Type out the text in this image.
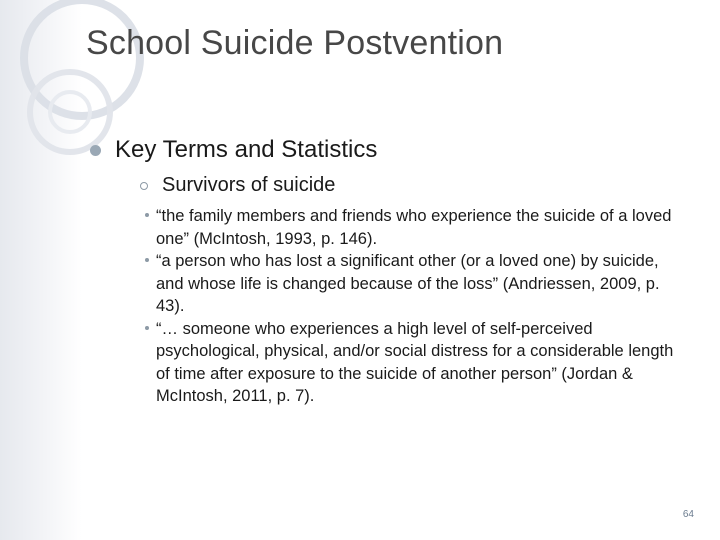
School Suicide Postvention
Key Terms and Statistics
Survivors of suicide
“the family members and friends who experience the suicide of a loved one” (McIntosh, 1993, p. 146).
“a person who has lost a significant other (or a loved one) by suicide, and whose life is changed because of the loss” (Andriessen, 2009, p. 43).
“… someone who experiences a high level of self-perceived psychological, physical, and/or social distress for a considerable length of time after exposure to the suicide of another person” (Jordan & McIntosh, 2011, p. 7).
64
